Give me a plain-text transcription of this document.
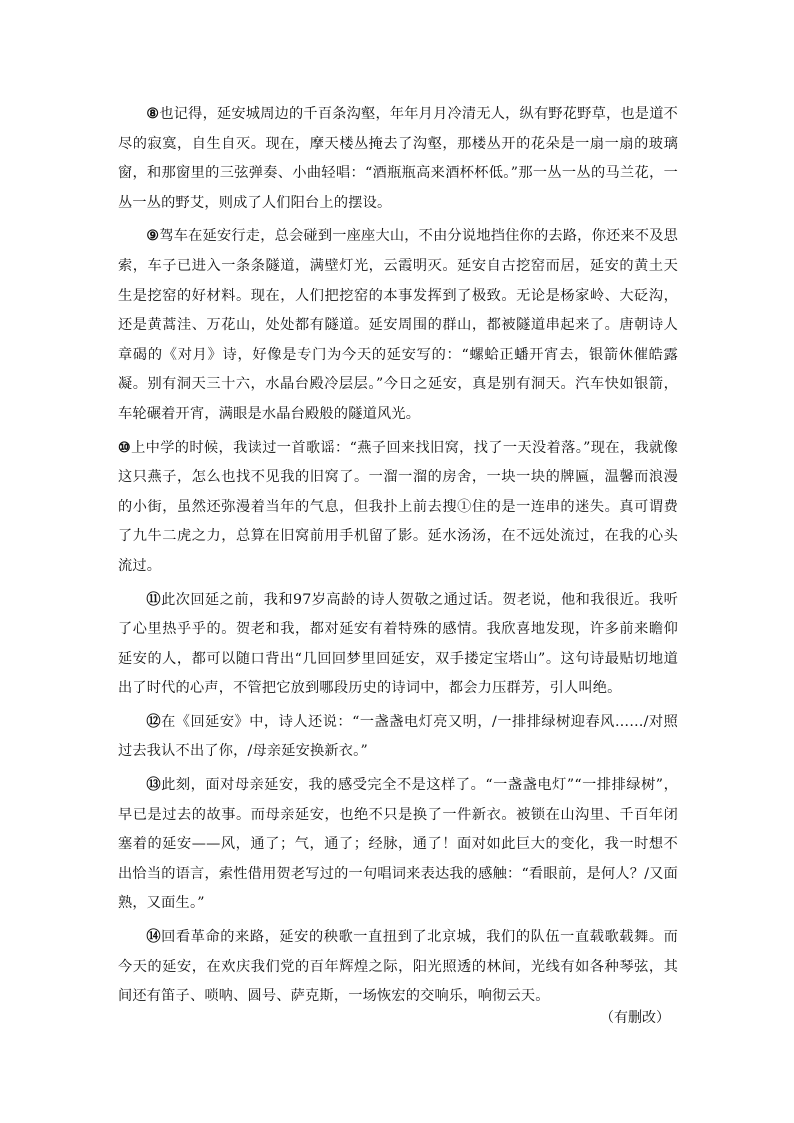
⑧也记得，延安城周边的千百条沟壑，年年月月冷清无人，纵有野花野草，也是道不尽的寂寞，自生自灭。现在，摩天楼丛掩去了沟壑，那楼丛开的花朵是一扇一扇的玻璃窗，和那窗里的三弦弹奏、小曲轻唱：“酒瓶瓶高来酒杯杯低。”那一丛一丛的马兰花，一丛一丛的野艾，则成了人们阳台上的摆设。

⑨驾车在延安行走，总会碰到一座座大山，不由分说地挡住你的去路，你还来不及思索，车子已进入一条条隧道，满壁灯光，云霞明灭。延安自古挖窑而居，延安的黄土天生是挖窑的好材料。现在，人们把挖窑的本事发挥到了极致。无论是杨家岭、大砭沟，还是黄蒿洼、万花山，处处都有隧道。延安周围的群山，都被隧道串起来了。唐朝诗人章碣的《对月》诗，好像是专门为今天的延安写的：“螺蛤正蟠开宵去，银箭休催皓露凝。别有洞天三十六，水晶台殿冷层层。”今日之延安，真是别有洞天。汽车快如银箭，车轮碾着开宵，满眼是水晶台殿般的隧道风光。

⑩上中学的时候，我读过一首歌谣：“燕子回来找旧窝，找了一天没着落。”现在，我就像这只燕子，怎么也找不见我的旧窝了。一溜一溜的房舍，一块一块的牌匾，温馨而浪漫的小街，虽然还弥漫着当年的气息，但我扑上前去搜①住的是一连串的迷失。真可谓费了九牛二虎之力，总算在旧窝前用手机留了影。延水汤汤，在不远处流过，在我的心头流过。

⑪此次回延之前，我和97岁高龄的诗人贺敬之通过话。贺老说，他和我很近。我听了心里热乎乎的。贺老和我，都对延安有着特殊的感情。我欣喜地发现，许多前来瞻仰延安的人，都可以随口背出“几回回梦里回延安，双手搂定宝塔山”。这句诗最贴切地道出了时代的心声，不管把它放到哪段历史的诗词中，都会力压群芳，引人叫绝。

⑫在《回延安》中，诗人还说：“一盏盏电灯亮又明，/一排排绿树迎春风……/对照过去我认不出了你，/母亲延安换新衣。”

⑬此刻，面对母亲延安，我的感受完全不是这样了。“一盏盏电灯”“一排排绿树”，早已是过去的故事。而母亲延安，也绝不只是换了一件新衣。被锁在山沟里、千百年闭塞着的延安——风，通了；气，通了；经脉，通了！面对如此巨大的变化，我一时想不出恰当的语言，索性借用贺老写过的一句唱词来表达我的感触：“看眼前，是何人？/又面熟，又面生。”

⑭回看革命的来路，延安的秧歌一直扭到了北京城，我们的队伍一直载歌载舞。而今天的延安，在欢庆我们党的百年辉煌之际，阳光照透的林间，光线有如各种琴弦，其间还有笛子、唢呐、圆号、萨克斯，一场恢宏的交响乐，响彻云天。

（有删改）
